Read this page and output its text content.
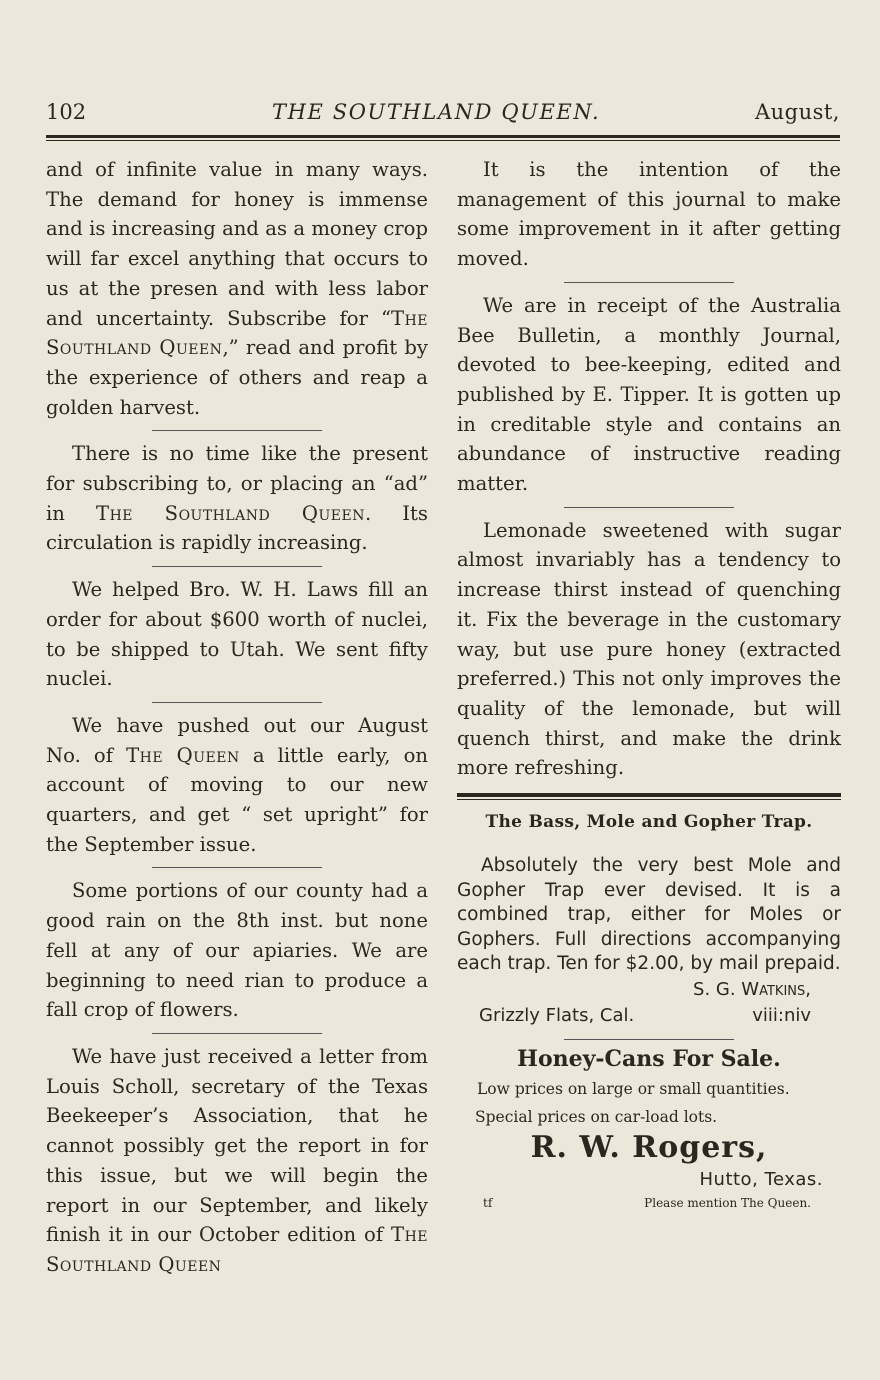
102	THE SOUTHLAND QUEEN.	August,

and of infinite value in many ways. The demand for honey is immense and is increasing and as a money crop will far excel anything that occurs to us at the presen and with less labor and uncertainty. Subscribe for “The Southland Queen,” read and profit by the experience of others and reap a golden harvest.

There is no time like the present for subscribing to, or placing an “ad” in The Southland Queen. Its circulation is rapidly increasing.

We helped Bro. W. H. Laws fill an order for about $600 worth of nuclei, to be shipped to Utah. We sent fifty nuclei.

We have pushed out our August No. of The Queen a little early, on account of moving to our new quarters, and get “ set upright” for the September issue.

Some portions of our county had a good rain on the 8th inst. but none fell at any of our apiaries. We are beginning to need rian to produce a fall crop of flowers.

We have just received a letter from Louis Scholl, secretary of the Texas Beekeeper’s Association, that he cannot possibly get the report in for this issue, but we will begin the report in our September, and likely finish it in our October edition of The Southland Queen

It is the intention of the management of this journal to make some improvement in it after getting moved.

We are in receipt of the Australia Bee Bulletin, a monthly Journal, devoted to bee-keeping, edited and published by E. Tipper. It is gotten up in creditable style and contains an abundance of instructive reading matter.

Lemonade sweetened with sugar almost invariably has a tendency to increase thirst instead of quenching it. Fix the beverage in the customary way, but use pure honey (extracted preferred.) This not only improves the quality of the lemonade, but will quench thirst, and make the drink more refreshing.

The Bass, Mole and Gopher Trap.

Absolutely the very best Mole and Gopher Trap ever devised. It is a combined trap, either for Moles or Gophers. Full directions accompanying each trap. Ten for $2.00, by mail prepaid.

S. G. Watkins,

Grizzly Flats, Cal.	viii:niv

Honey-Cans For Sale.

Low prices on large or small quantities.

Special prices on car-load lots.

R. W. Rogers,

Hutto, Texas.

tf	Please mention The Queen.
